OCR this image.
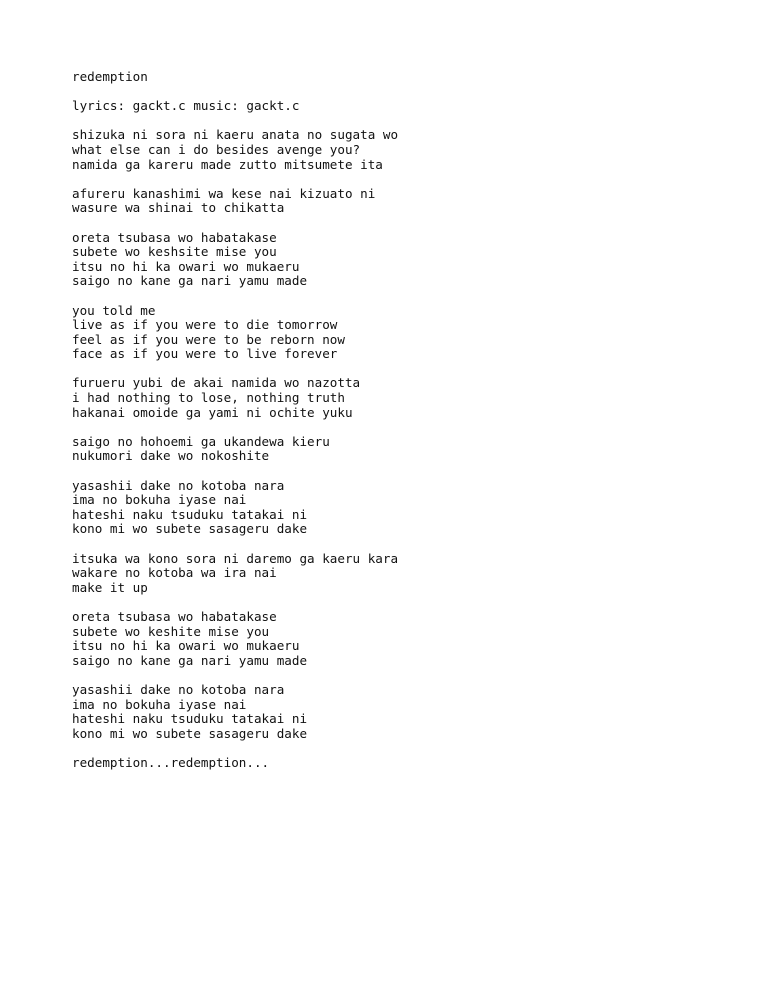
redemption
lyrics: gackt.c music: gackt.c
shizuka ni sora ni kaeru anata no sugata wo
what else can i do besides avenge you?
namida ga kareru made zutto mitsumete ita
afureru kanashimi wa kese nai kizuato ni
wasure wa shinai to chikatta
oreta tsubasa wo habatakase
subete wo keshsite mise you
itsu no hi ka owari wo mukaeru
saigo no kane ga nari yamu made
you told me
live as if you were to die tomorrow
feel as if you were to be reborn now
face as if you were to live forever
furueru yubi de akai namida wo nazotta
i had nothing to lose, nothing truth
hakanai omoide ga yami ni ochite yuku
saigo no hohoemi ga ukandewa kieru
nukumori dake wo nokoshite
yasashii dake no kotoba nara
ima no bokuha iyase nai
hateshi naku tsuduku tatakai ni
kono mi wo subete sasageru dake
itsuka wa kono sora ni daremo ga kaeru kara
wakare no kotoba wa ira nai
make it up
oreta tsubasa wo habatakase
subete wo keshite mise you
itsu no hi ka owari wo mukaeru
saigo no kane ga nari yamu made
yasashii dake no kotoba nara
ima no bokuha iyase nai
hateshi naku tsuduku tatakai ni
kono mi wo subete sasageru dake
redemption...redemption...
